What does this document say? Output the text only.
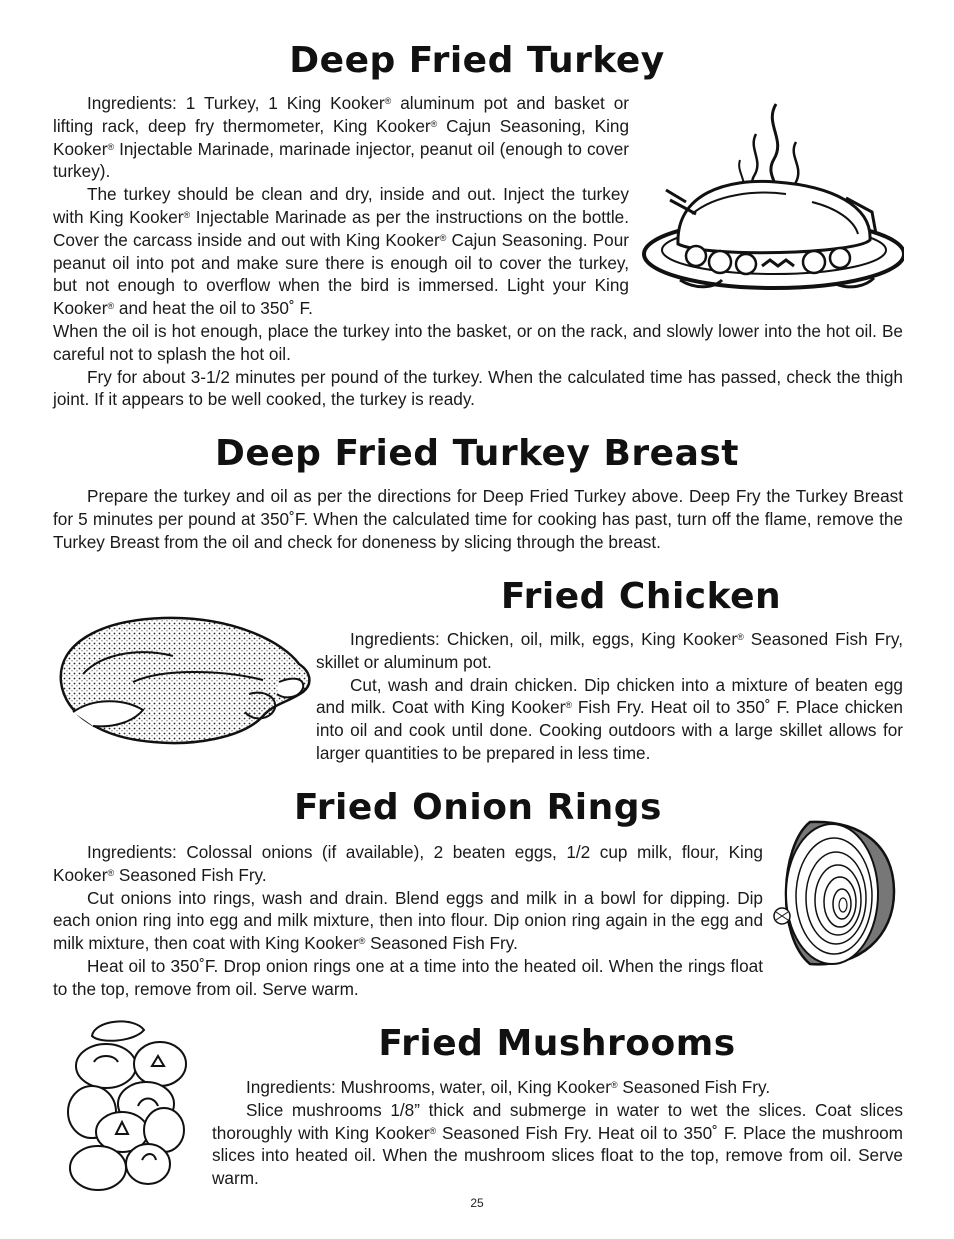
Deep Fried Turkey

Ingredients: 1 Turkey, 1 King Kooker® aluminum pot and basket or lifting rack, deep fry thermometer, King Kooker® Cajun Seasoning, King Kooker® Injectable Marinade, marinade injector, peanut oil (enough to cover turkey).

The turkey should be clean and dry, inside and out. Inject the turkey with King Kooker® Injectable Marinade as per the instructions on the bottle. Cover the carcass inside and out with King Kooker® Cajun Seasoning. Pour peanut oil into pot and make sure there is enough oil to cover the turkey, but not enough to overflow when the bird is immersed. Light your King Kooker® and heat the oil to 350˚ F.

When the oil is hot enough, place the turkey into the basket, or on the rack, and slowly lower into the hot oil. Be careful not to splash the hot oil.

Fry for about 3-1/2 minutes per pound of the turkey. When the calculated time has passed, check the thigh joint. If it appears to be well cooked, the turkey is ready.

Deep Fried Turkey Breast

Prepare the turkey and oil as per the directions for Deep Fried Turkey above. Deep Fry the Turkey Breast for 5 minutes per pound at 350˚F. When the calculated time for cooking has past, turn off the flame, remove the Turkey Breast from the oil and check for doneness by slicing through the breast.

Fried Chicken

Ingredients: Chicken, oil, milk, eggs, King Kooker® Seasoned Fish Fry, skillet or aluminum pot.

Cut, wash and drain chicken. Dip chicken into a mixture of beaten egg and milk. Coat with King Kooker® Fish Fry. Heat oil to 350˚ F. Place chicken into oil and cook until done. Cooking outdoors with a large skillet allows for larger quantities to be prepared in less time.

Fried Onion Rings

Ingredients: Colossal onions (if available), 2 beaten eggs, 1/2 cup milk, flour, King Kooker® Seasoned Fish Fry.

Cut onions into rings, wash and drain. Blend eggs and milk in a bowl for dipping. Dip each onion ring into egg and milk mixture, then into flour. Dip onion ring again in the egg and milk mixture, then coat with King Kooker® Seasoned Fish Fry.

Heat oil to 350˚F. Drop onion rings one at a time into the heated oil. When the rings float to the top, remove from oil. Serve warm.

Fried Mushrooms

Ingredients: Mushrooms, water, oil, King Kooker® Seasoned Fish Fry.

Slice mushrooms 1/8” thick and submerge in water to wet the slices. Coat slices thoroughly with King Kooker® Seasoned Fish Fry. Heat oil to 350˚ F. Place the mushroom slices into heated oil. When the mushroom slices float to the top, remove from oil. Serve warm.

25
